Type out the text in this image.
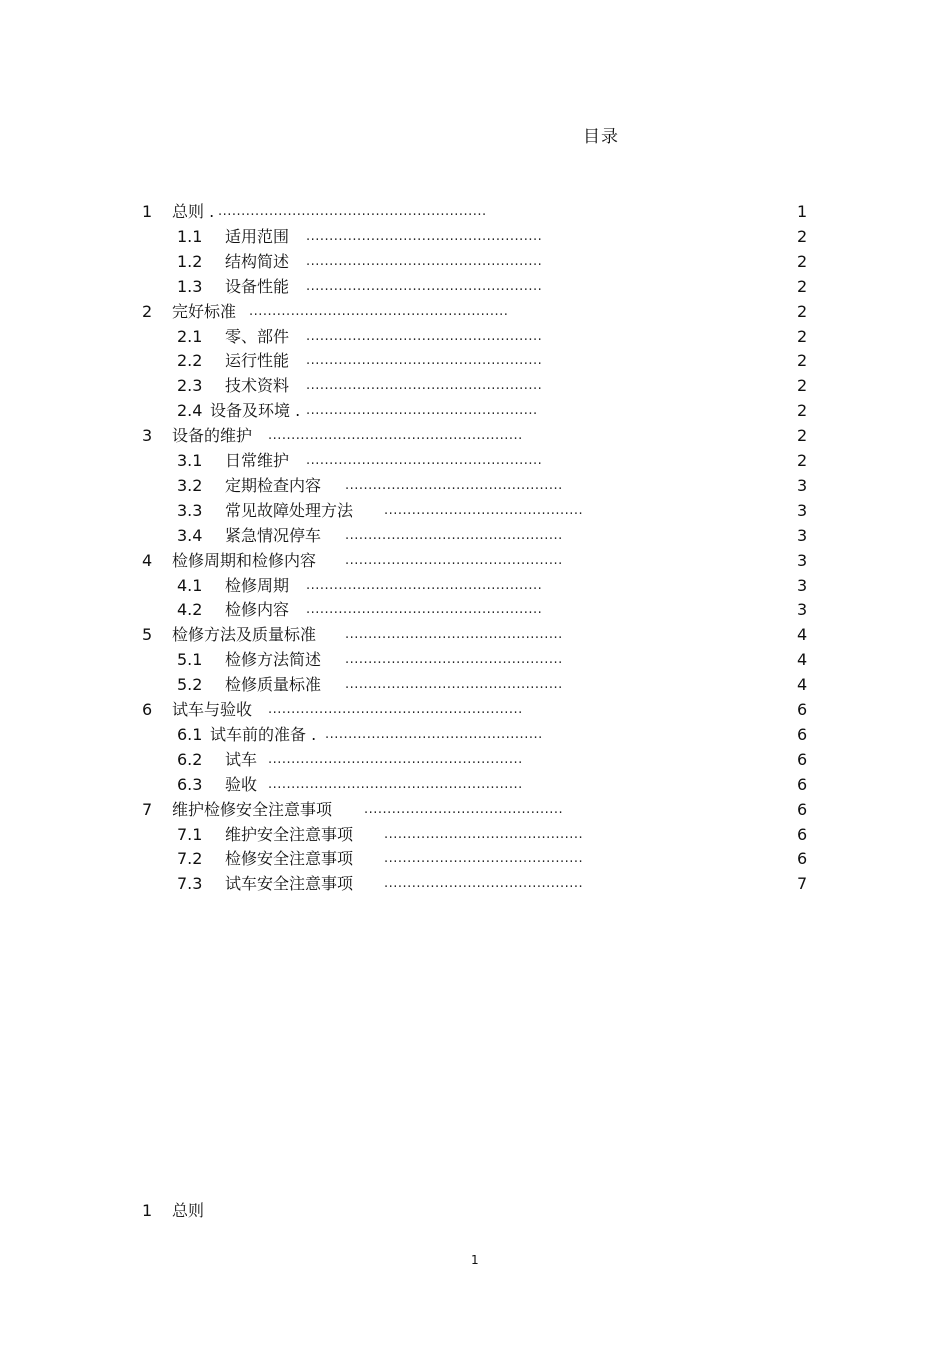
目录
1 总则 . ..........................................................	1
1.1 适用范围 ...................................................	2
1.2 结构简述 ...................................................	2
1.3 设备性能 ...................................................	2
2 完好标准 ........................................................	2
2.1 零、部件 ...................................................	2
2.2 运行性能 ...................................................	2
2.3 技术资料 ...................................................	2
2.4 设备及环境 . ..................................................	2
3 设备的维护 .......................................................	2
3.1 日常维护 ...................................................	2
3.2 定期检查内容 ...............................................	3
3.3 常见故障处理方法 ...........................................	3
3.4 紧急情况停车 ...............................................	3
4 检修周期和检修内容 ...............................................	3
4.1 检修周期 ...................................................	3
4.2 检修内容 ...................................................	3
5 检修方法及质量标准 ...............................................	4
5.1 检修方法简述 ...............................................	4
5.2 检修质量标准 ...............................................	4
6 试车与验收 .......................................................	6
6.1 试车前的准备 . ...............................................	6
6.2 试车 .......................................................	6
6.3 验收 .......................................................	6
7 维护检修安全注意事项 ...........................................	6
7.1 维护安全注意事项 ...........................................	6
7.2 检修安全注意事项 ...........................................	6
7.3 试车安全注意事项 ...........................................	7
1 总则
1
